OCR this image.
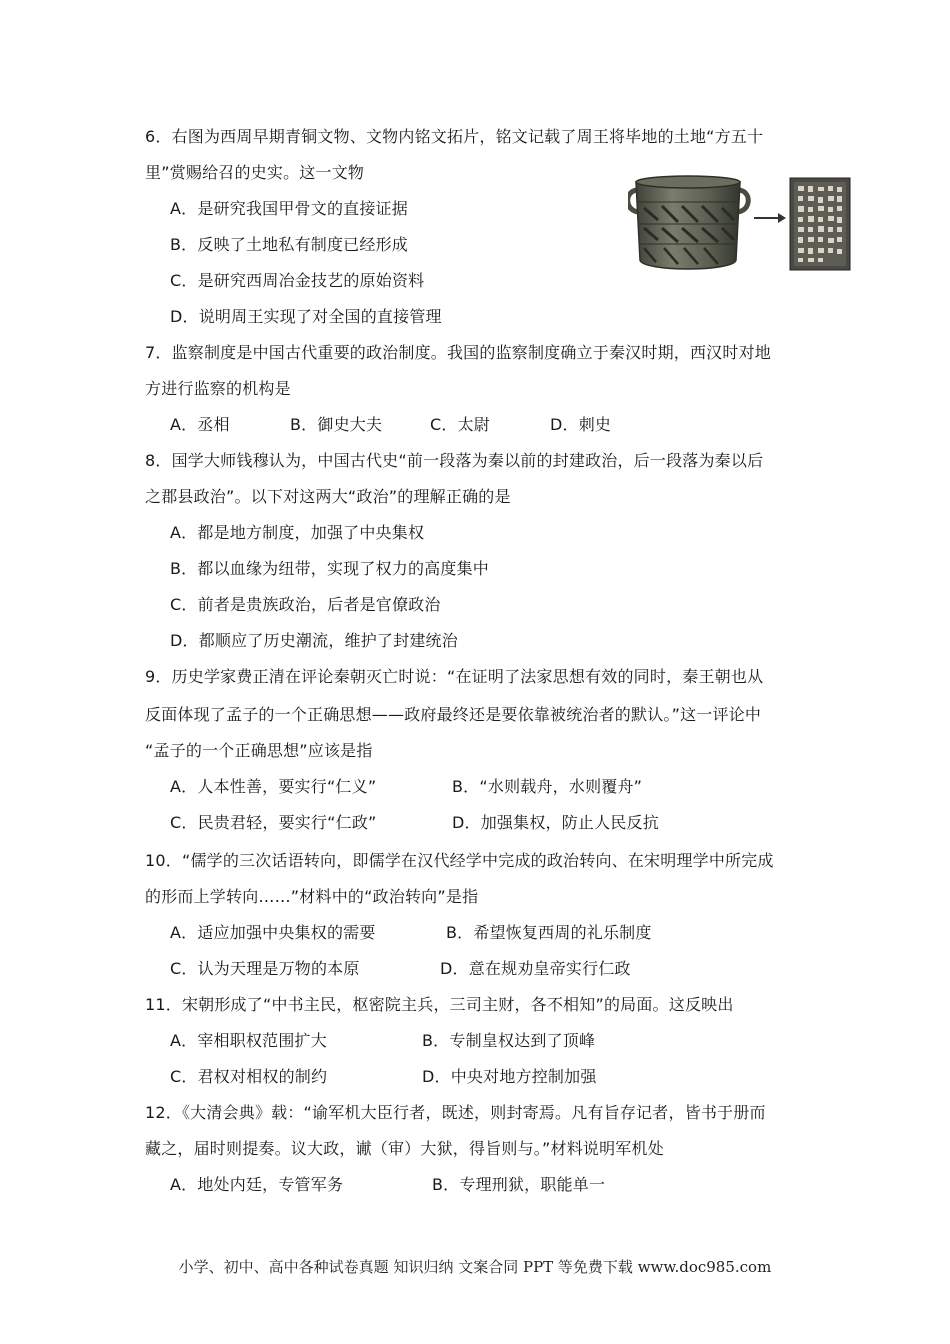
6．右图为西周早期青铜文物、文物内铭文拓片，铭文记载了周王将毕地的土地“方五十
里”赏赐给召的史实。这一文物
A．是研究我国甲骨文的直接证据
B．反映了土地私有制度已经形成
C．是研究西周冶金技艺的原始资料
D．说明周王实现了对全国的直接管理
7．监察制度是中国古代重要的政治制度。我国的监察制度确立于秦汉时期，西汉时对地
方进行监察的机构是
A．丞相	B．御史大夫	C．太尉	D．刺史
8．国学大师钱穆认为，中国古代史“前一段落为秦以前的封建政治，后一段落为秦以后
之郡县政治”。以下对这两大“政治”的理解正确的是
A．都是地方制度，加强了中央集权
B．都以血缘为纽带，实现了权力的高度集中
C．前者是贵族政治，后者是官僚政治
D．都顺应了历史潮流，维护了封建统治
9．历史学家费正清在评论秦朝灭亡时说：“在证明了法家思想有效的同时，秦王朝也从
反面体现了孟子的一个正确思想——政府最终还是要依靠被统治者的默认。”这一评论中
“孟子的一个正确思想”应该是指
A．人本性善，要实行“仁义”	B．“水则载舟，水则覆舟”
C．民贵君轻，要实行“仁政”	D．加强集权，防止人民反抗
10．“儒学的三次话语转向，即儒学在汉代经学中完成的政治转向、在宋明理学中所完成
的形而上学转向……”材料中的“政治转向”是指
A．适应加强中央集权的需要	B．希望恢复西周的礼乐制度
C．认为天理是万物的本原	D．意在规劝皇帝实行仁政
11．宋朝形成了“中书主民，枢密院主兵，三司主财，各不相知”的局面。这反映出
A．宰相职权范围扩大	B．专制皇权达到了顶峰
C．君权对相权的制约	D．中央对地方控制加强
12．《大清会典》载：“谕军机大臣行者，既述，则封寄焉。凡有旨存记者，皆书于册而
藏之，届时则提奏。议大政，谳（审）大狱，得旨则与。”材料说明军机处
A．地处内廷，专管军务	B．专理刑狱，职能单一
小学、初中、高中各种试卷真题 知识归纳 文案合同 PPT 等免费下载 www.doc985.com
